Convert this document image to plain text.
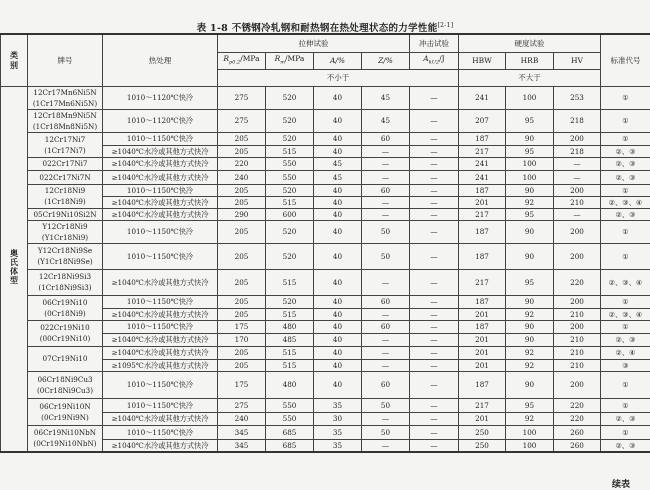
表 1-8 不锈钢冷轧钢和耐热钢在热处理状态的力学性能[2-1]
类别	牌号	热处理	拉伸试验				冲击试验	硬度试验			标准代号
			$R_{p0.2}$/MPa	$R_m$/MPa	A/%	Z/%	$A_{kU2}/J$	HBW	HRB	HV	
			不小于					不大于			
奥氏体型	12Cr17Mn6Ni5N
(1Cr17Mn6Ni5N)	1010～1120℃快冷	275	520	40	45	—	241	100	253	①

	12Cr18Mn9Ni5N
(1Cr18Mn8Ni5N)	1010～1120℃快冷	275	520	40	45	—	207	95	218	①

	12Cr17Ni7
(1Cr17Ni7)	1010～1150℃快冷	205	520	40	60	—	187	90	200	①
		≥1040℃水冷或其他方式快冷	205	515	40	—	—	217	95	218	②、③

	022Cr17Ni7	≥1040℃水冷或其他方式快冷	220	550	45	—	—	241	100	—	②、③

	022Cr17Ni7N	≥1040℃水冷或其他方式快冷	240	550	45	—	—	241	100	—	②、③

	12Cr18Ni9
(1Cr18Ni9)	1010～1150℃快冷	205	520	40	60	—	187	90	200	①
		≥1040℃水冷或其他方式快冷	205	515	40	—	—	201	92	210	②、③、④

	05Cr19Ni10Si2N	≥1040℃水冷或其他方式快冷	290	600	40	—	—	217	95	—	②、③

	Y12Cr18Ni9
(Y1Cr18Ni9)	1010～1150℃快冷	205	520	40	50	—	187	90	200	①

	Y12Cr18Ni9Se
(Y1Cr18Ni9Se)	1010～1150℃快冷	205	520	40	50	—	187	90	200	①

	12Cr18Ni9Si3
(1Cr18Ni9Si3)	≥1040℃水冷或其他方式快冷	205	515	40	—	—	217	95	220	②、③、④

	06Cr19Ni10
(0Cr18Ni9)	1010～1150℃快冷	205	520	40	60	—	187	90	200	①
		≥1040℃水冷或其他方式快冷	205	515	40	—	—	201	92	210	②、③、④

	022Cr19Ni10
(00Cr19Ni10)	1010～1150℃快冷	175	480	40	60	—	187	90	200	①
		≥1040℃水冷或其他方式快冷	170	485	40	—	—	201	90	210	②、③

	07Cr19Ni10	≥1040℃水冷或其他方式快冷	205	515	40	—	—	201	92	210	②、④
		≥1095℃水冷或其他方式快冷	205	515	40	—	—	201	92	210	③

	06Cr18Ni9Cu3
(0Cr18Ni9Cu3)	1010～1150℃快冷	175	480	40	60	—	187	90	200	①

	06Cr19Ni10N
(0Cr19Ni9N)	1010～1150℃快冷	275	550	35	50	—	217	95	220	①
		≥1040℃水冷或其他方式快冷	240	550	30	—	—	201	92	220	②、③

	06Cr19Ni10NbN
(0Cr19Ni10NbN)	1010～1150℃快冷	345	685	35	50	—	250	100	260	①
		≥1040℃水冷或其他方式快冷	345	685	35	—	—	250	100	260	②、③
续表
